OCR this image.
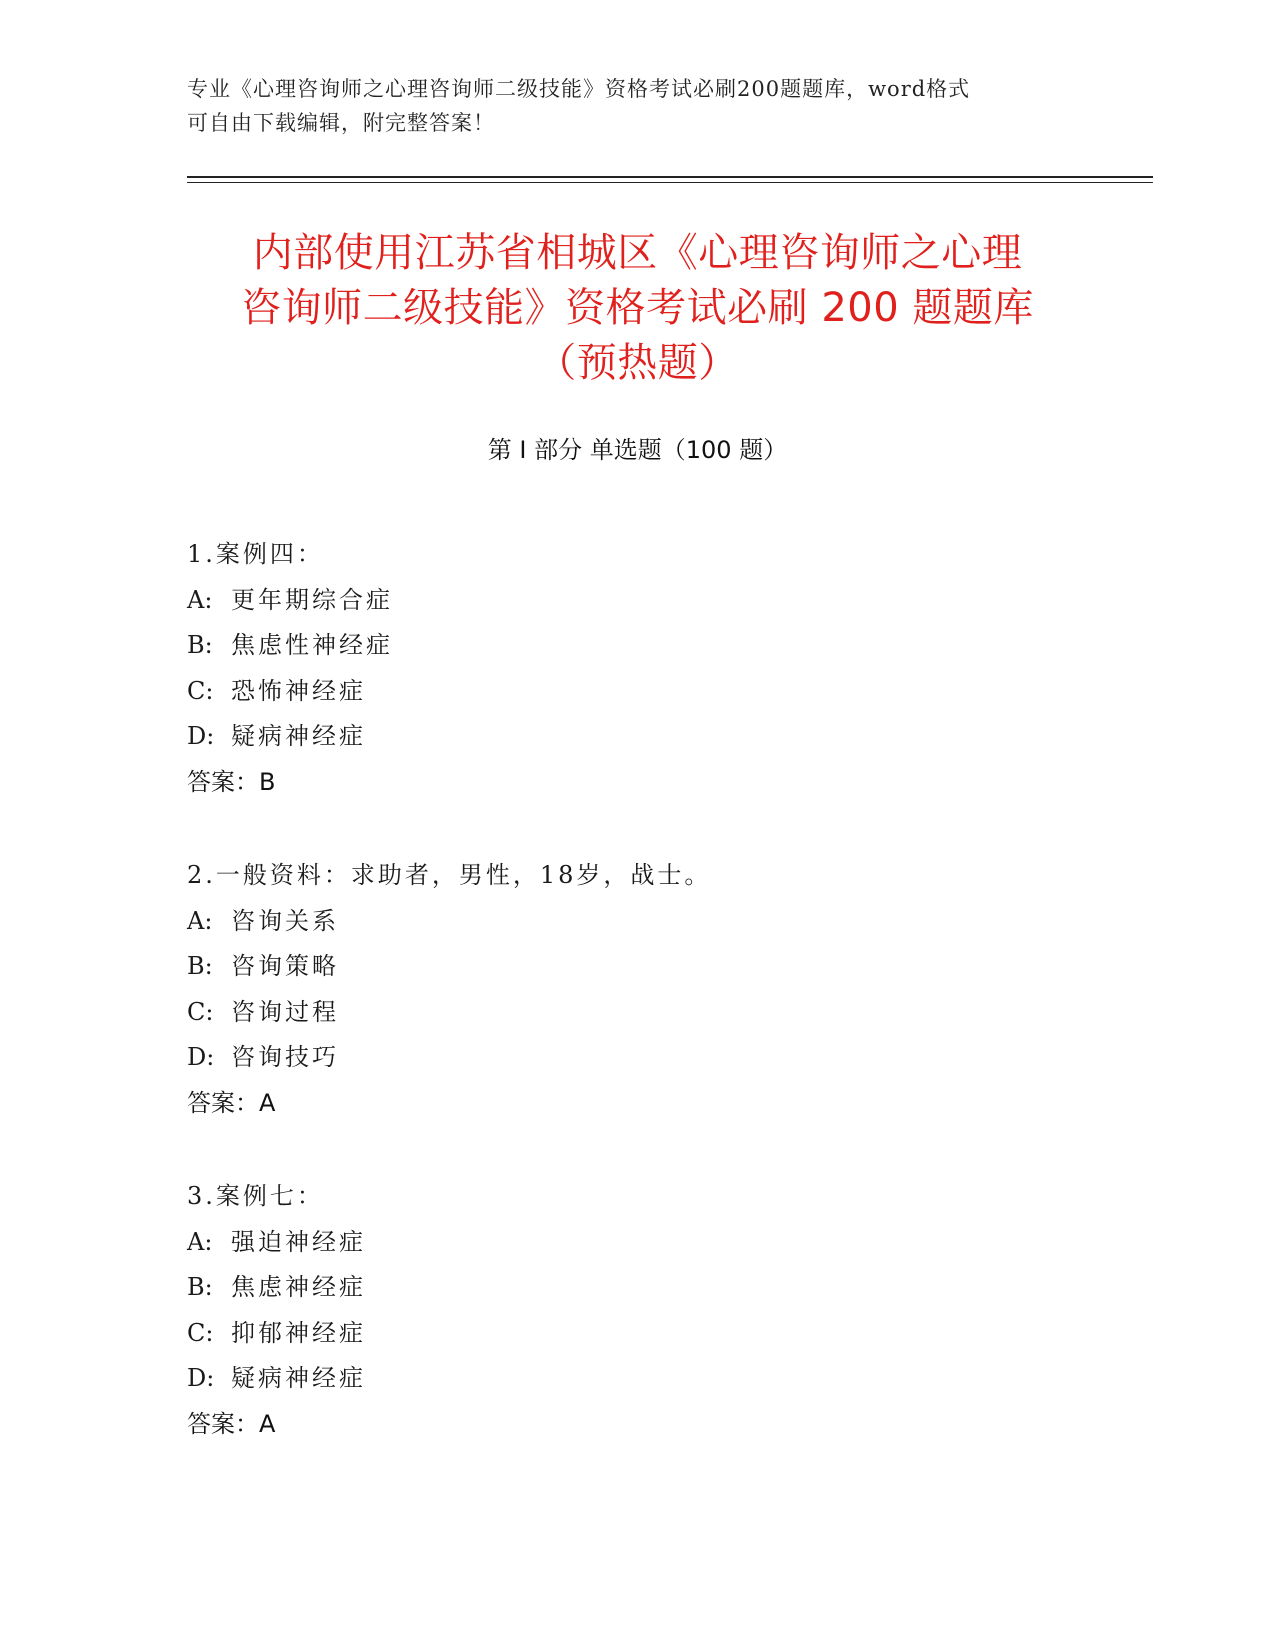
专业《心理咨询师之心理咨询师二级技能》资格考试必刷200题题库，word格式
可自由下载编辑，附完整答案！
内部使用江苏省相城区《心理咨询师之心理
咨询师二级技能》资格考试必刷 200 题题库
（预热题）
第 I 部分 单选题（100 题）
1.案例四：
A: 更年期综合症
B: 焦虑性神经症
C: 恐怖神经症
D: 疑病神经症
答案：B
2.一般资料：求助者，男性，18岁，战士。
A: 咨询关系
B: 咨询策略
C: 咨询过程
D: 咨询技巧
答案：A
3.案例七：
A: 强迫神经症
B: 焦虑神经症
C: 抑郁神经症
D: 疑病神经症
答案：A
